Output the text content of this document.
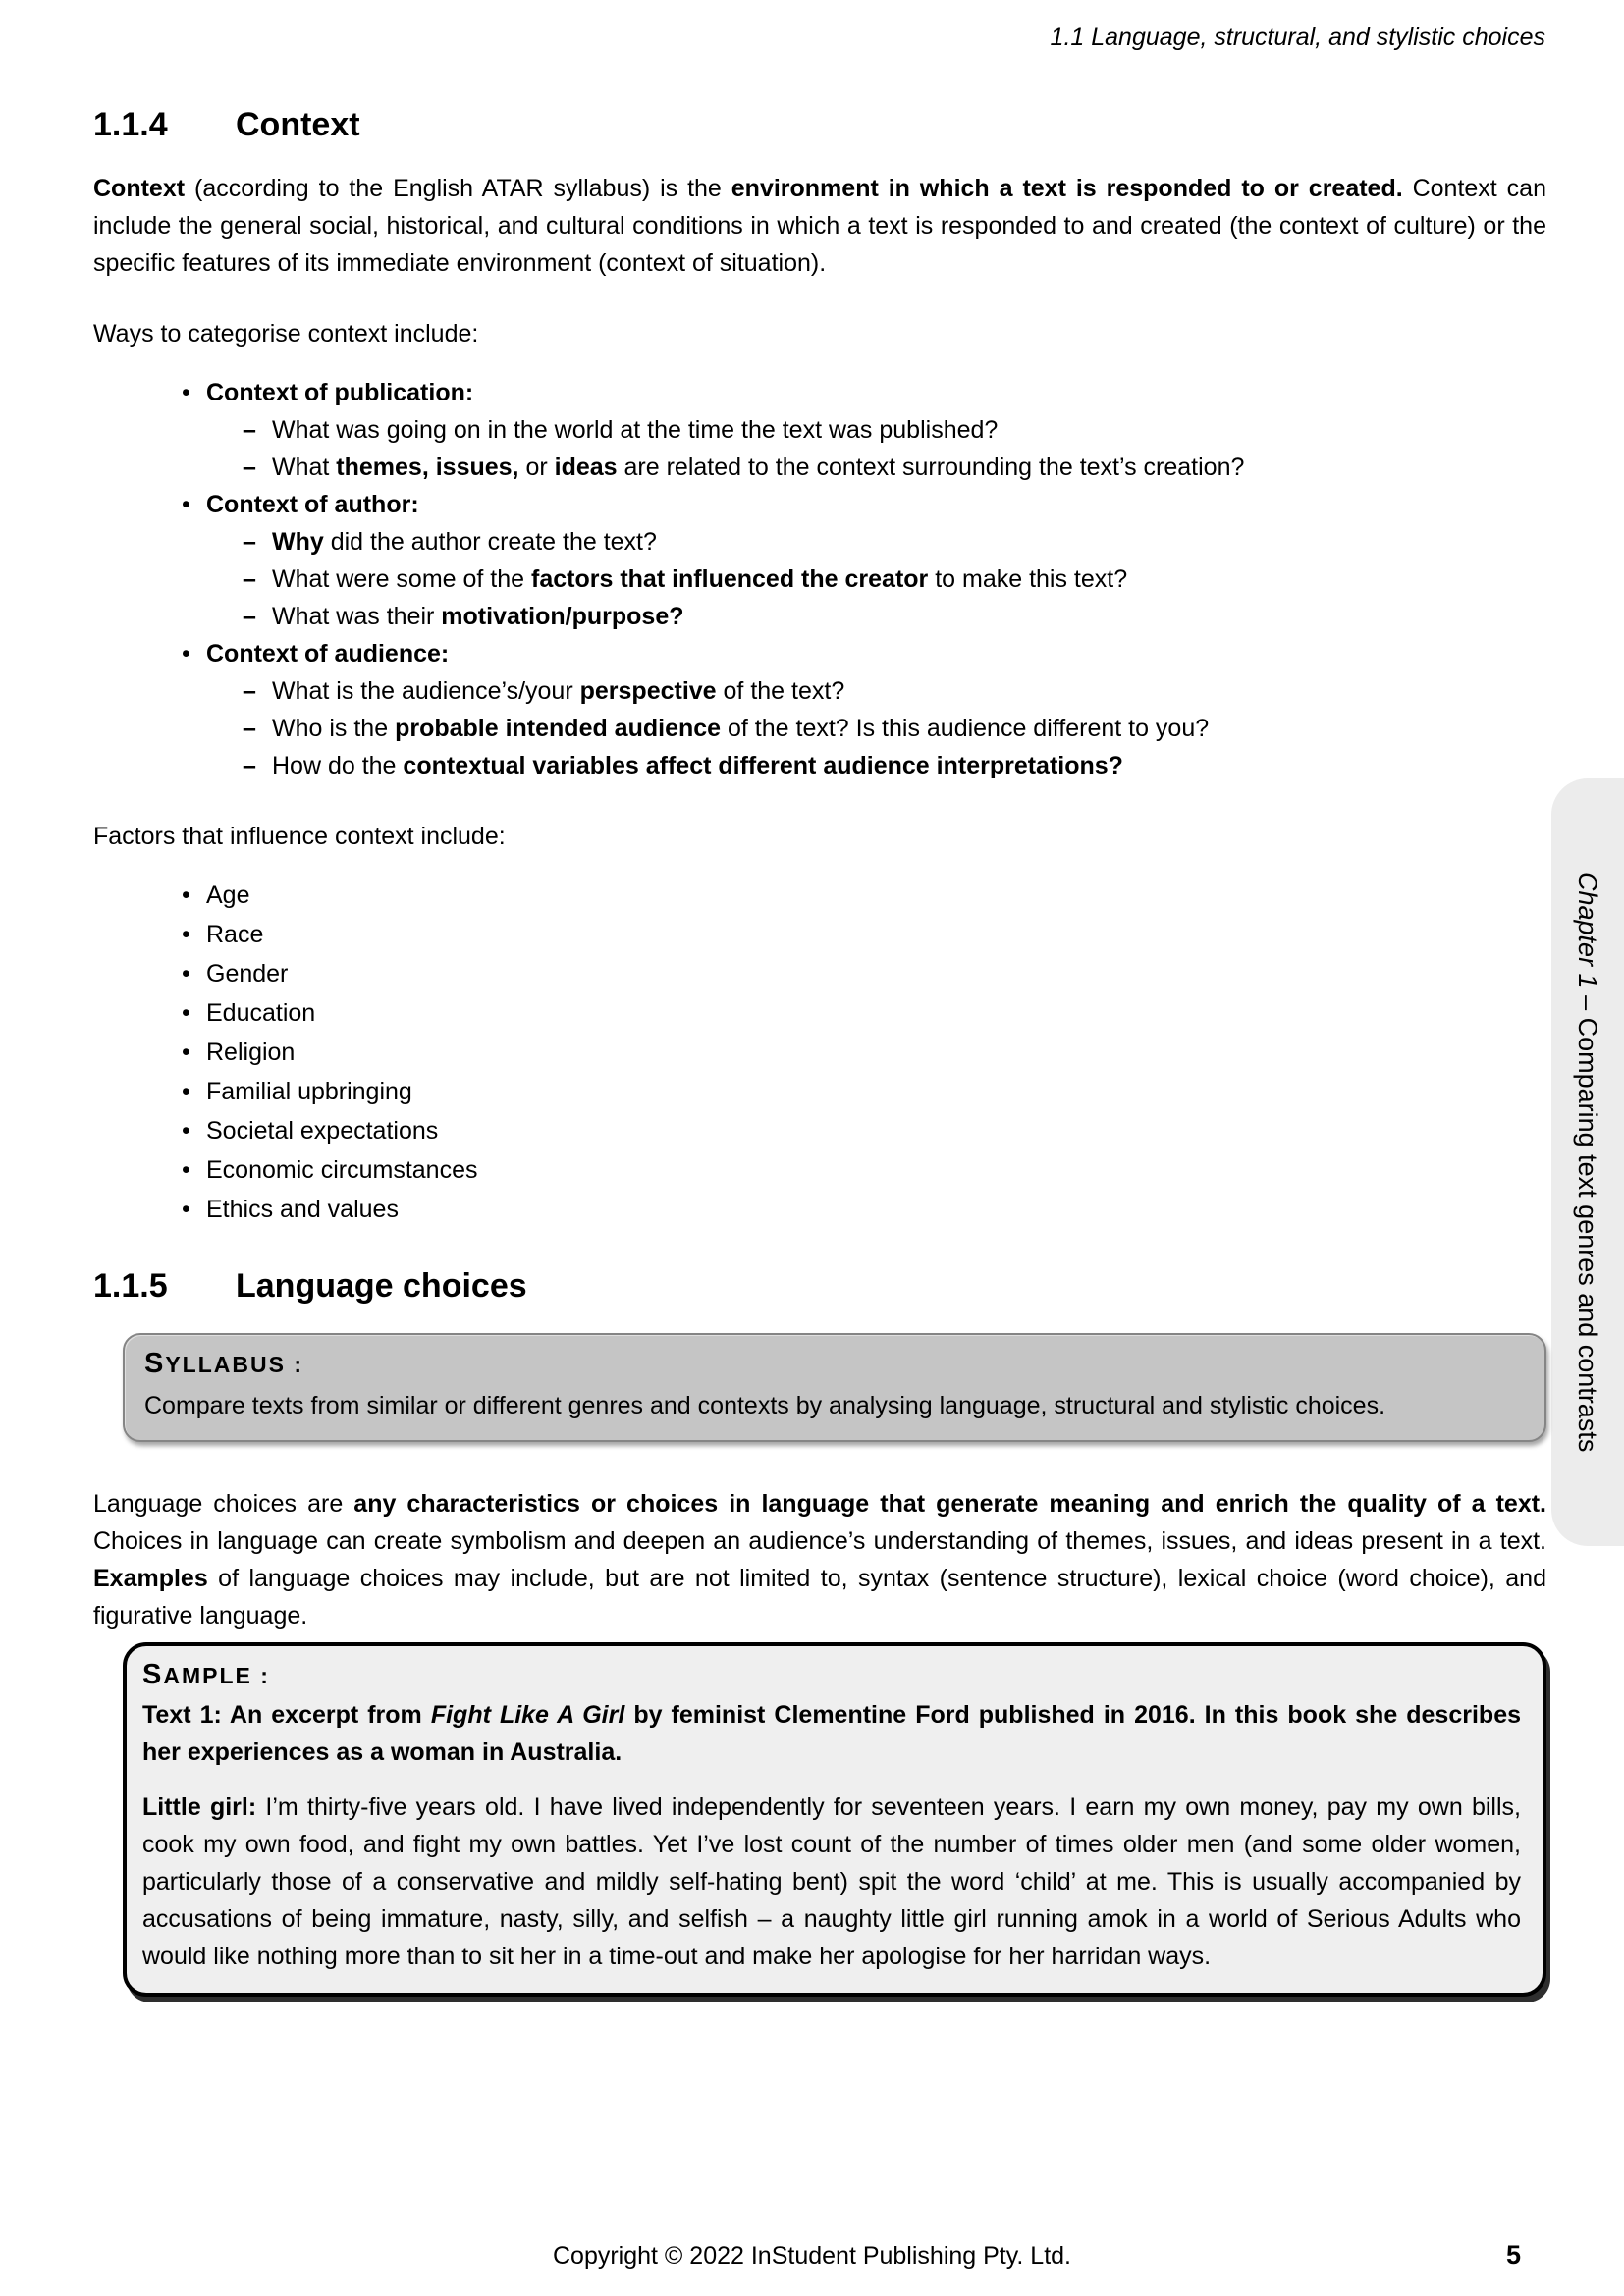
1.1 Language, structural, and stylistic choices
Chapter 1 – Comparing text genres and contrasts
1.1.4	Context

Context (according to the English ATAR syllabus) is the environment in which a text is responded to or created. Context can include the general social, historical, and cultural conditions in which a text is responded to and created (the context of culture) or the specific features of its immediate environment (context of situation).

Ways to categorise context include:

• Context of publication:
– What was going on in the world at the time the text was published?
– What themes, issues, or ideas are related to the context surrounding the text’s creation?
• Context of author:
– Why did the author create the text?
– What were some of the factors that influenced the creator to make this text?
– What was their motivation/purpose?
• Context of audience:
– What is the audience’s/your perspective of the text?
– Who is the probable intended audience of the text? Is this audience different to you?
– How do the contextual variables affect different audience interpretations?

Factors that influence context include:

• Age
• Race
• Gender
• Education
• Religion
• Familial upbringing
• Societal expectations
• Economic circumstances
• Ethics and values
1.1.5	Language choices
SYLLABUS :

Compare texts from similar or different genres and contexts by analysing language, structural and stylistic choices.

Language choices are any characteristics or choices in language that generate meaning and enrich the quality of a text. Choices in language can create symbolism and deepen an audience’s understanding of themes, issues, and ideas present in a text. Examples of language choices may include, but are not limited to, syntax (sentence structure), lexical choice (word choice), and figurative language.

SAMPLE :

Text 1: An excerpt from Fight Like A Girl by feminist Clementine Ford published in 2016. In this book she describes her experiences as a woman in Australia.

Little girl: I’m thirty-five years old. I have lived independently for seventeen years. I earn my own money, pay my own bills, cook my own food, and fight my own battles. Yet I’ve lost count of the number of times older men (and some older women, particularly those of a conservative and mildly self-hating bent) spit the word ‘child’ at me. This is usually accompanied by accusations of being immature, nasty, silly, and selfish – a naughty little girl running amok in a world of Serious Adults who would like nothing more than to sit her in a time-out and make her apologise for her harridan ways.

Copyright © 2022 InStudent Publishing Pty. Ltd.	5
